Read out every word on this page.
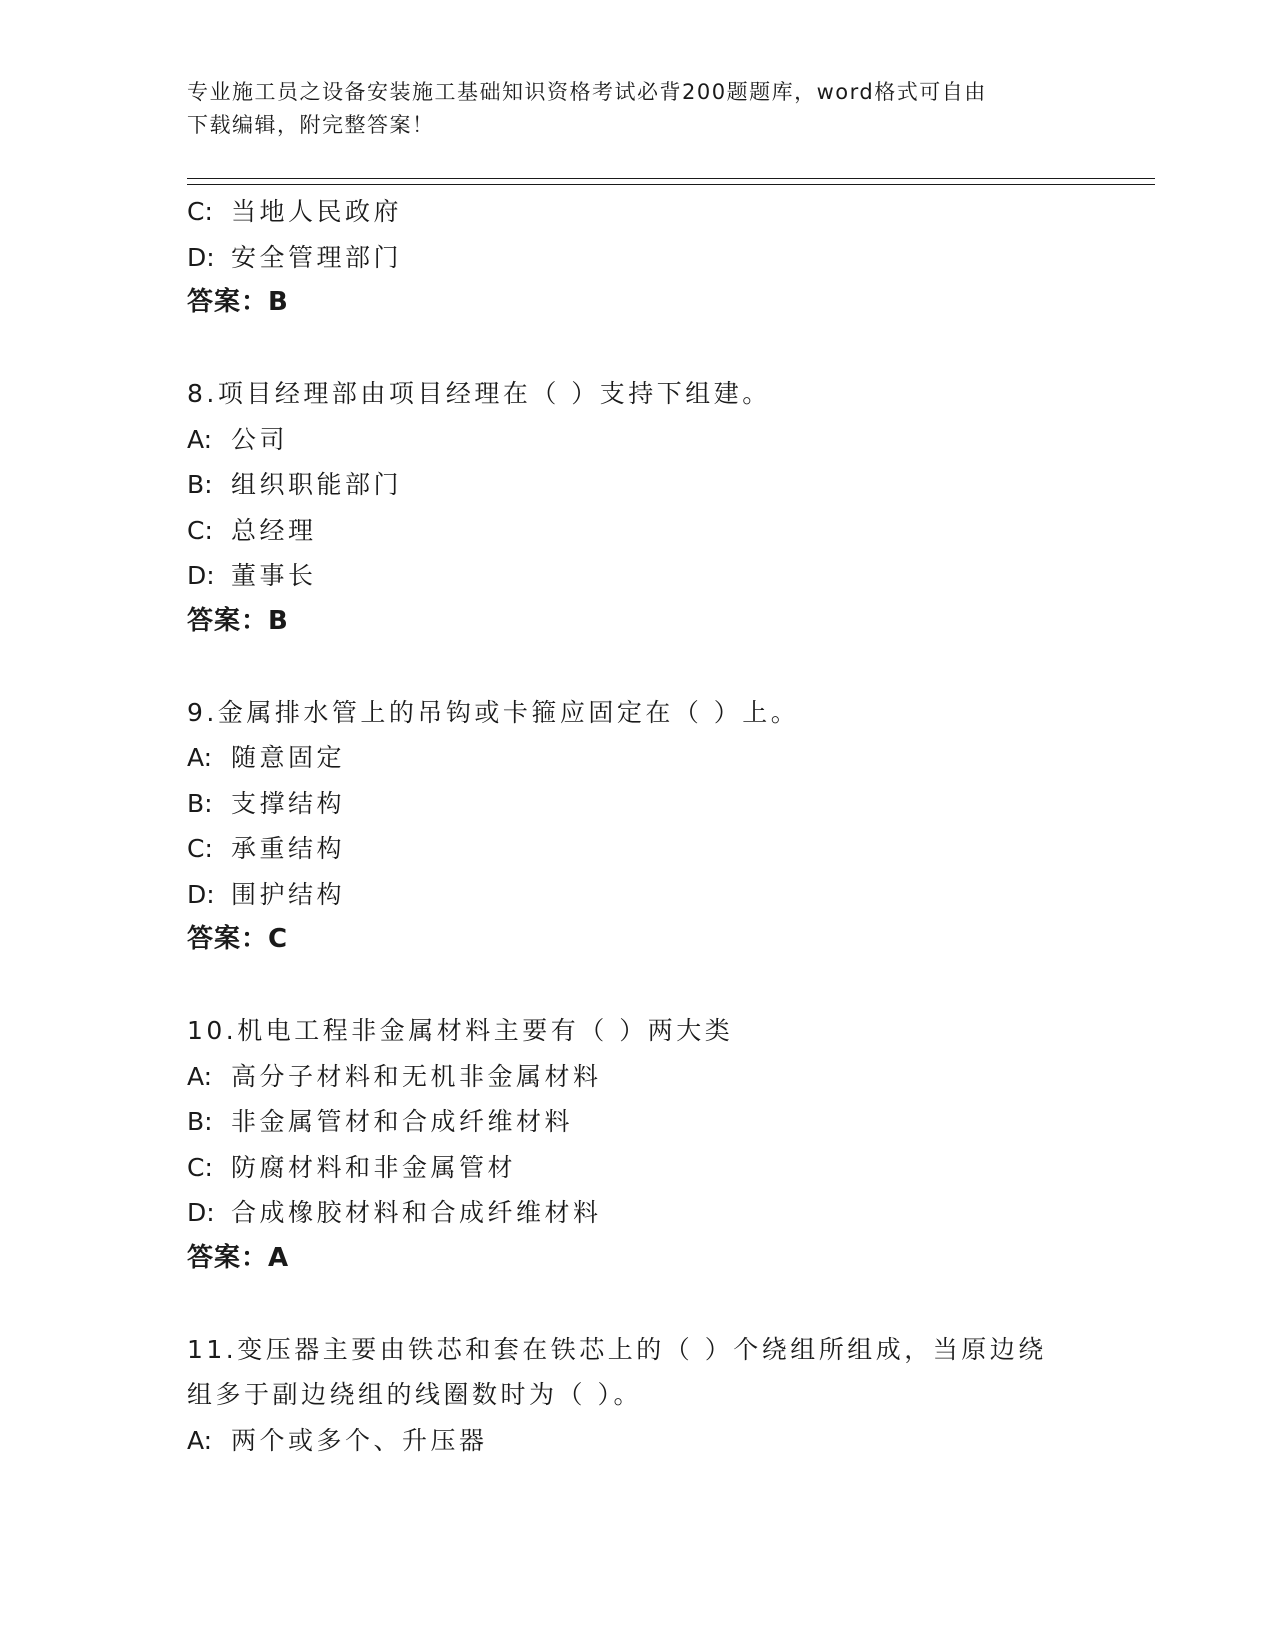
专业施工员之设备安装施工基础知识资格考试必背200题题库，word格式可自由
下载编辑，附完整答案！
C: 当地人民政府
D: 安全管理部门
答案：B
8.项目经理部由项目经理在（ ）支持下组建。
A: 公司
B: 组织职能部门
C: 总经理
D: 董事长
答案：B
9.金属排水管上的吊钩或卡箍应固定在（ ）上。
A: 随意固定
B: 支撑结构
C: 承重结构
D: 围护结构
答案：C
10.机电工程非金属材料主要有（ ）两大类
A: 高分子材料和无机非金属材料
B: 非金属管材和合成纤维材料
C: 防腐材料和非金属管材
D: 合成橡胶材料和合成纤维材料
答案：A
11.变压器主要由铁芯和套在铁芯上的（ ）个绕组所组成，当原边绕
组多于副边绕组的线圈数时为（ ）。
A: 两个或多个、升压器
